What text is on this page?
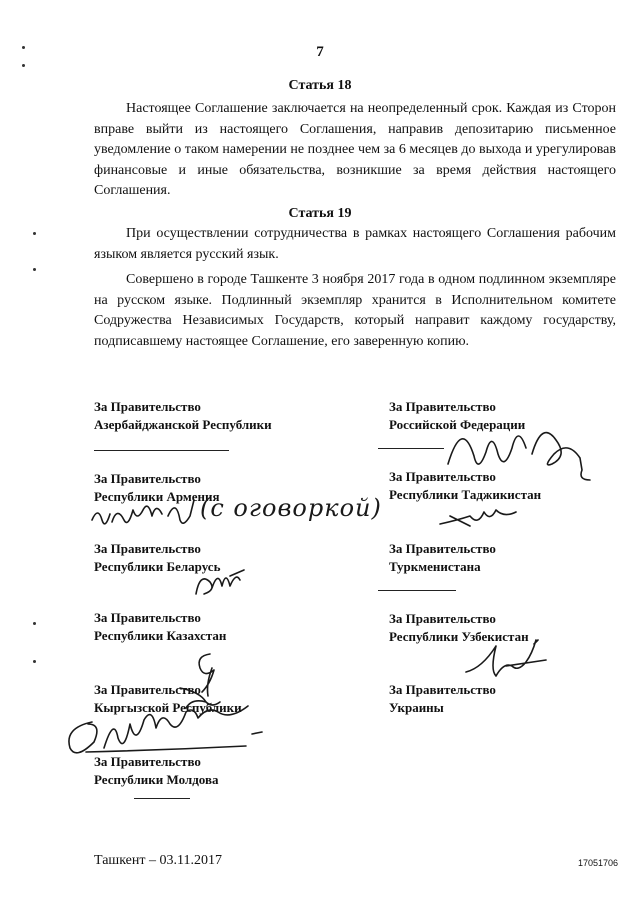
7
Статья 18
Настоящее Соглашение заключается на неопределенный срок. Каждая из Сторон вправе выйти из настоящего Соглашения, направив депозитарию письменное уведомление о таком намерении не позднее чем за 6 месяцев до выхода и урегулировав финансовые и иные обязательства, возникшие за время действия настоящего Соглашения.
Статья 19
При осуществлении сотрудничества в рамках настоящего Соглашения рабочим языком является русский язык.
Совершено в городе Ташкенте 3 ноября 2017 года в одном подлинном экземпляре на русском языке. Подлинный экземпляр хранится в Исполнительном комитете Содружества Независимых Государств, который направит каждому государству, подписавшему настоящее Соглашение, его заверенную копию.
За Правительство
Азербайджанской Республики
За Правительство
Республики Армения
За Правительство
Республики Беларусь
За Правительство
Республики Казахстан
За Правительство
Кыргызской Республики
За Правительство
Республики Молдова
За Правительство
Российской Федерации
За Правительство
Республики Таджикистан
За Правительство
Туркменистана
За Правительство
Республики Узбекистан
За Правительство
Украины
(с оговоркой)
Ташкент – 03.11.2017	17051706
